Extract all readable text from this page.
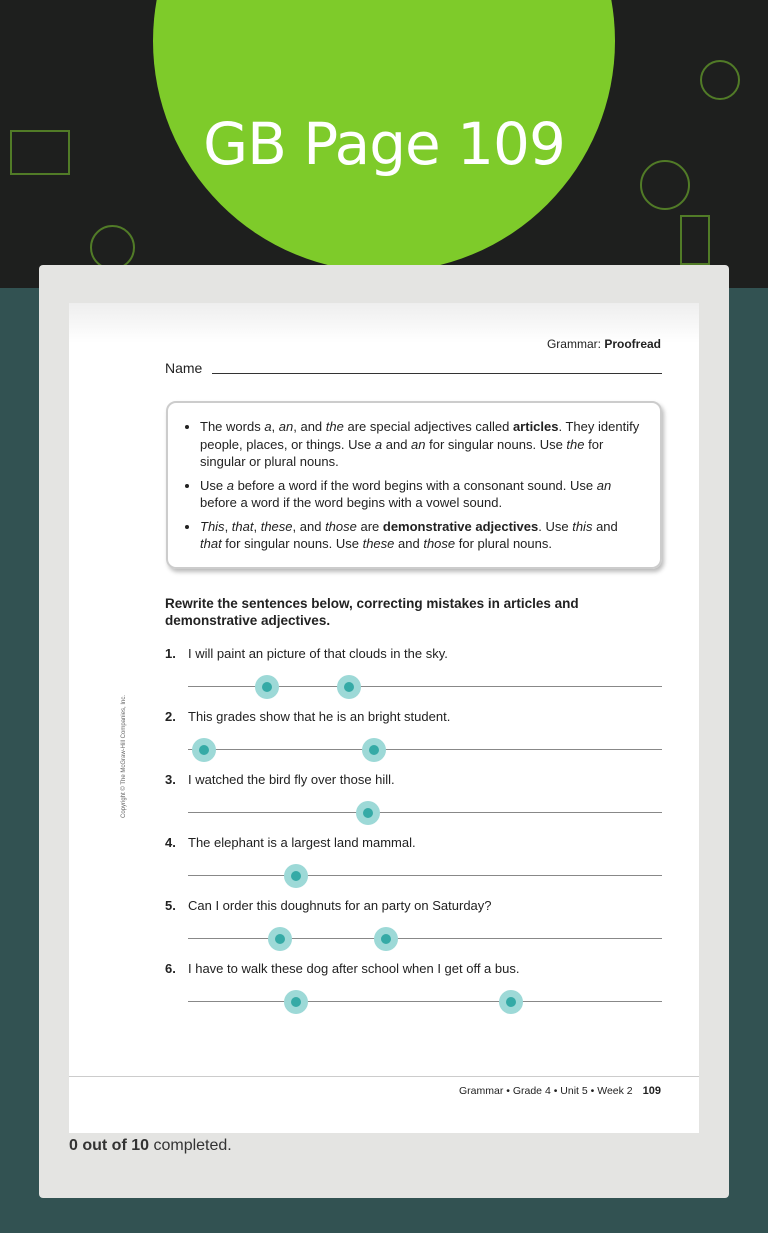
GB Page 109
Grammar: Proofread
Name
• The words a, an, and the are special adjectives called articles. They identify people, places, or things. Use a and an for singular nouns. Use the for singular or plural nouns.
• Use a before a word if the word begins with a consonant sound. Use an before a word if the word begins with a vowel sound.
• This, that, these, and those are demonstrative adjectives. Use this and that for singular nouns. Use these and those for plural nouns.
Rewrite the sentences below, correcting mistakes in articles and demonstrative adjectives.
1. I will paint an picture of that clouds in the sky.
2. This grades show that he is an bright student.
3. I watched the bird fly over those hill.
4. The elephant is a largest land mammal.
5. Can I order this doughnuts for an party on Saturday?
6. I have to walk these dog after school when I get off a bus.
Copyright © The McGraw-Hill Companies, Inc.
Grammar • Grade 4 • Unit 5 • Week 2 109
0 out of 10 completed.
